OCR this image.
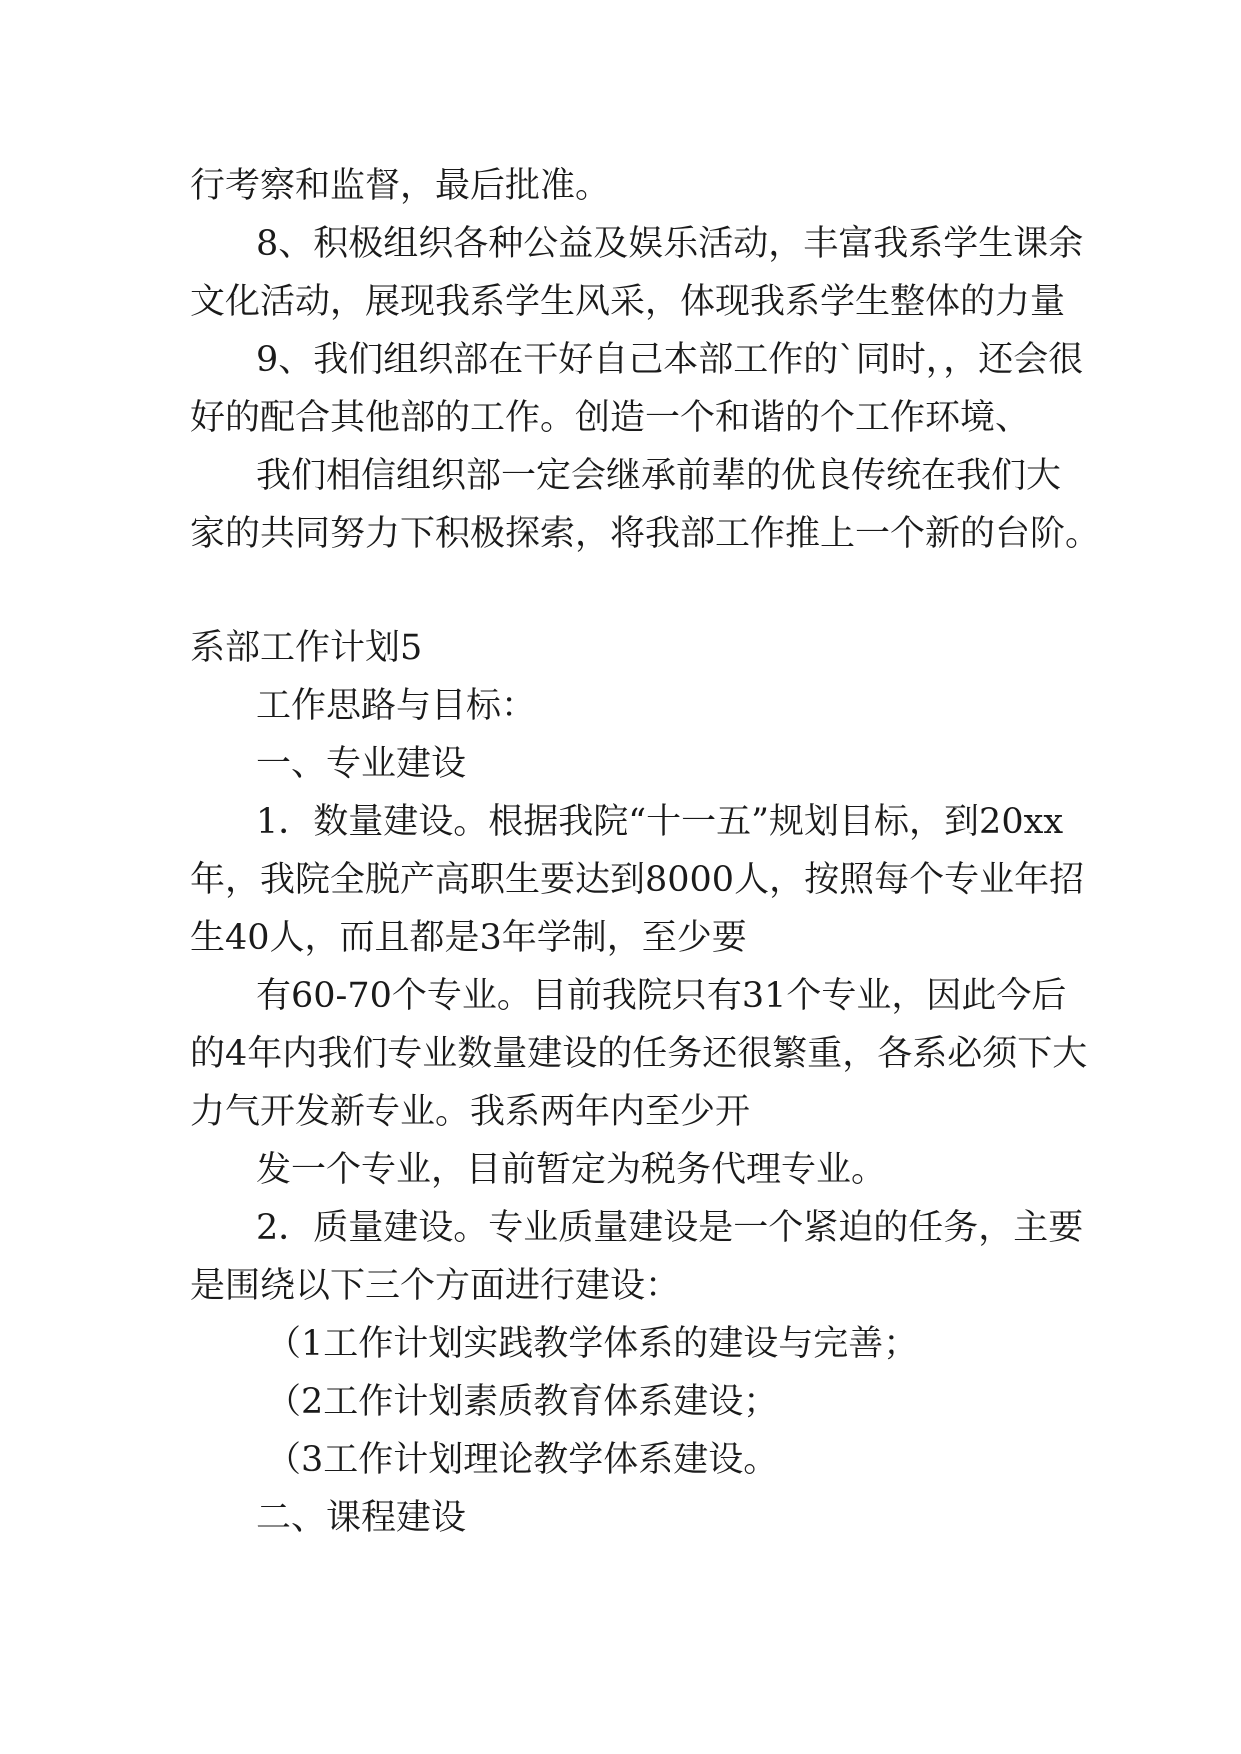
行考察和监督，最后批准。
8、积极组织各种公益及娱乐活动，丰富我系学生课余
文化活动，展现我系学生风采，体现我系学生整体的力量
9、我们组织部在干好自己本部工作的`同时，，还会很
好的配合其他部的工作。创造一个和谐的个工作环境、
我们相信组织部一定会继承前辈的优良传统在我们大
家的共同努力下积极探索，将我部工作推上一个新的台阶。
系部工作计划5
工作思路与目标：
一、专业建设
1．数量建设。根据我院“十一五”规划目标，到20xx
年，我院全脱产高职生要达到8000人，按照每个专业年招
生40人，而且都是3年学制，至少要
有60-70个专业。目前我院只有31个专业，因此今后
的4年内我们专业数量建设的任务还很繁重，各系必须下大
力气开发新专业。我系两年内至少开
发一个专业，目前暂定为税务代理专业。
2．质量建设。专业质量建设是一个紧迫的任务，主要
是围绕以下三个方面进行建设：
（1工作计划实践教学体系的建设与完善；
（2工作计划素质教育体系建设；
（3工作计划理论教学体系建设。
二、课程建设
